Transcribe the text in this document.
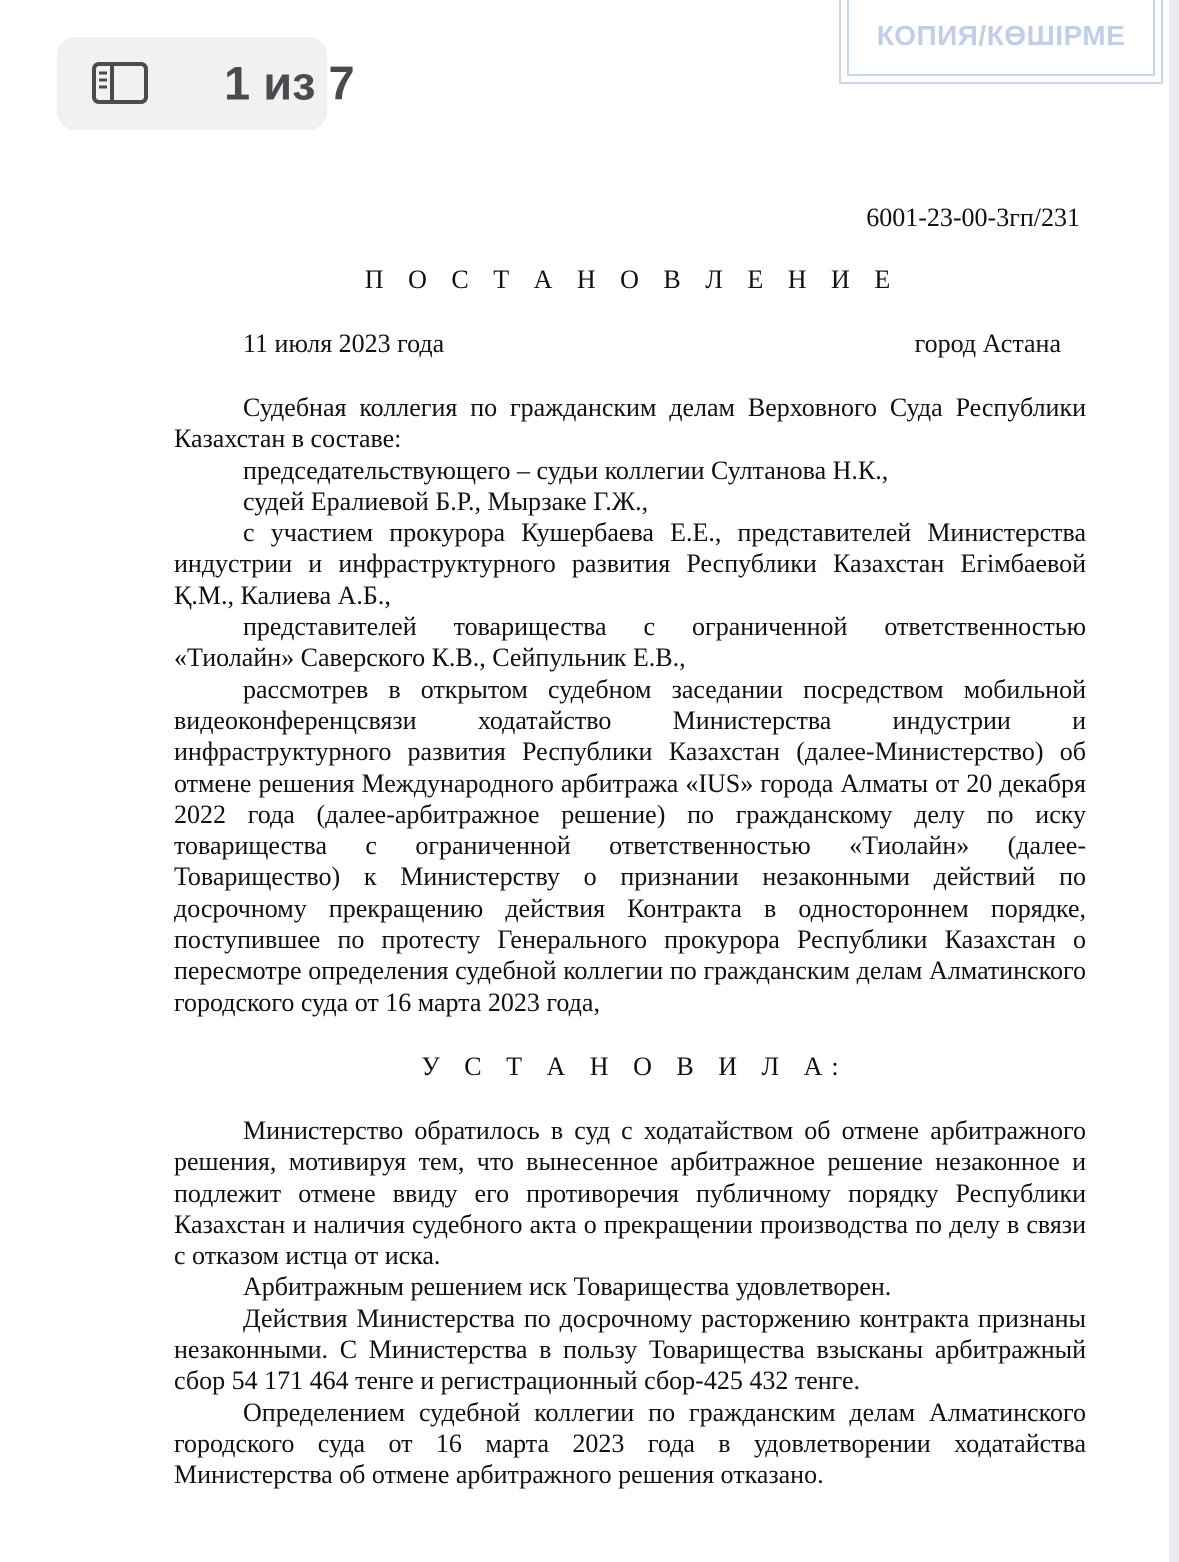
1 из 7
КОПИЯ/КӨШІРМЕ
6001-23-00-3гп/231
П О С Т А Н О В Л Е Н И Е
11 июля 2023 года	город Астана

Судебная коллегия по гражданским делам Верховного Суда Республики Казахстан в составе:

председательствующего – судьи коллегии Султанова Н.К.,

судей Ералиевой Б.Р., Мырзаке Г.Ж.,

с участием прокурора Кушербаева Е.Е., представителей Министерства индустрии и инфраструктурного развития Республики Казахстан Егімбаевой Қ.М., Калиева А.Б.,

представителей товарищества с ограниченной ответственностью «Тиолайн» Саверского К.В., Сейпульник Е.В.,

рассмотрев в открытом судебном заседании посредством мобильной видеоконференцсвязи ходатайство Министерства индустрии и инфраструктурного развития Республики Казахстан (далее-Министерство) об отмене решения Международного арбитража «IUS» города Алматы от 20 декабря 2022 года (далее-арбитражное решение) по гражданскому делу по иску товарищества с ограниченной ответственностью «Тиолайн» (далее-Товарищество) к Министерству о признании незаконными действий по досрочному прекращению действия Контракта в одностороннем порядке, поступившее по протесту Генерального прокурора Республики Казахстан о пересмотре определения судебной коллегии по гражданским делам Алматинского городского суда от 16 марта 2023 года,

У С Т А Н О В И Л А:

Министерство обратилось в суд с ходатайством об отмене арбитражного решения, мотивируя тем, что вынесенное арбитражное решение незаконное и подлежит отмене ввиду его противоречия публичному порядку Республики Казахстан и наличия судебного акта о прекращении производства по делу в связи с отказом истца от иска.

Арбитражным решением иск Товарищества удовлетворен.

Действия Министерства по досрочному расторжению контракта признаны незаконными. С Министерства в пользу Товарищества взысканы арбитражный сбор 54 171 464 тенге и регистрационный сбор-425 432 тенге.

Определением судебной коллегии по гражданским делам Алматинского городского суда от 16 марта 2023 года в удовлетворении ходатайства Министерства об отмене арбитражного решения отказано.
